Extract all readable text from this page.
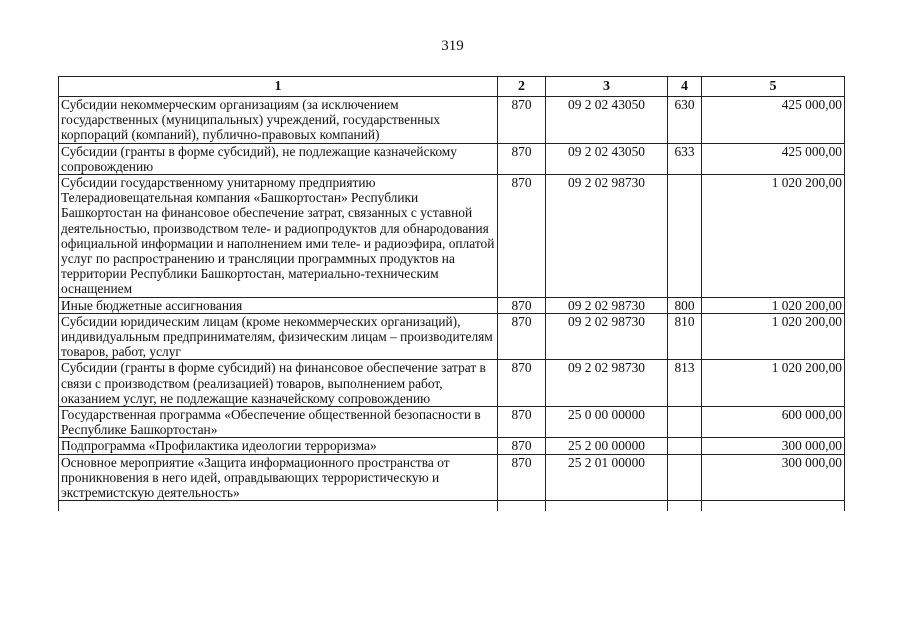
319
1	2	3	4	5
Субсидии некоммерческим организациям (за исключением государственных (муниципальных) учреждений, государственных корпораций (компаний), публично-правовых компаний)	870	09 2 02 43050	630	425 000,00
Субсидии (гранты в форме субсидий), не подлежащие казначейскому сопровождению	870	09 2 02 43050	633	425 000,00
Субсидии государственному унитарному предприятию Телерадиовещательная компания «Башкортостан» Республики Башкортостан на финансовое обеспечение затрат, связанных с уставной деятельностью, производством теле- и радиопродуктов для обнародования официальной информации и наполнением ими теле- и радиоэфира, оплатой услуг по распространению и трансляции программных продуктов на территории Республики Башкортостан, материально-техническим оснащением	870	09 2 02 98730		1 020 200,00
Иные бюджетные ассигнования	870	09 2 02 98730	800	1 020 200,00
Субсидии юридическим лицам (кроме некоммерческих организаций), индивидуальным предпринимателям, физическим лицам – производителям товаров, работ, услуг	870	09 2 02 98730	810	1 020 200,00
Субсидии (гранты в форме субсидий) на финансовое обеспечение затрат в связи с производством (реализацией) товаров, выполнением работ, оказанием услуг, не подлежащие казначейскому сопровождению	870	09 2 02 98730	813	1 020 200,00
Государственная программа «Обеспечение общественной безопасности в Республике Башкортостан»	870	25 0 00 00000		600 000,00
Подпрограмма «Профилактика идеологии терроризма»	870	25 2 00 00000		300 000,00
Основное мероприятие «Защита информационного пространства от проникновения в него идей, оправдывающих террористическую и экстремистскую деятельность»	870	25 2 01 00000		300 000,00
